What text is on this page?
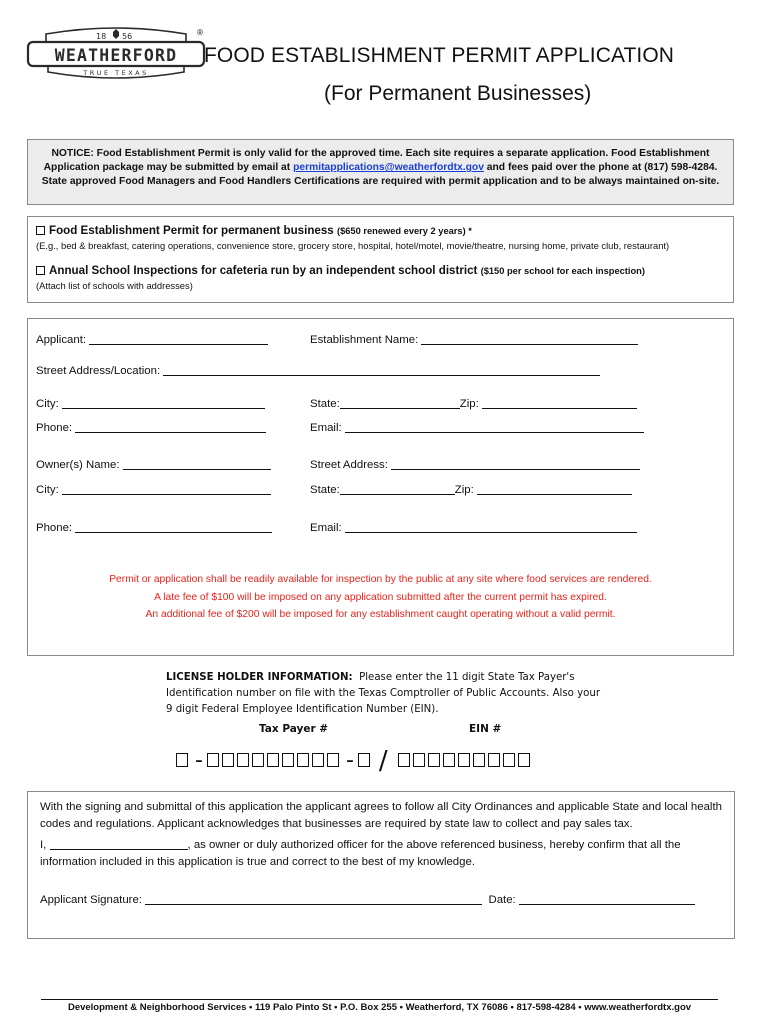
18 56
WEATHERFORD
TRUE TEXAS
®
FOOD ESTABLISHMENT PERMIT APPLICATION
(For Permanent Businesses)
NOTICE: Food Establishment Permit is only valid for the approved time. Each site requires a separate application. Food Establishment Application package may be submitted by email at permitapplications@weatherfordtx.gov and fees paid over the phone at (817) 598-4284. State approved Food Managers and Food Handlers Certifications are required with permit application and to be always maintained on-site.
Food Establishment Permit for permanent business ($650 renewed every 2 years) *
(E.g., bed & breakfast, catering operations, convenience store, grocery store, hospital, hotel/motel, movie/theatre, nursing home, private club, restaurant)
Annual School Inspections for cafeteria run by an independent school district ($150 per school for each inspection)
(Attach list of schools with addresses)
Applicant:	Establishment Name:
Street Address/Location:
City:	State:	Zip:
Phone:	Email:
Owner(s) Name:	Street Address:
City:	State:	Zip:
Phone:	Email:
Permit or application shall be readily available for inspection by the public at any site where food services are rendered.
A late fee of $100 will be imposed on any application submitted after the current permit has expired.
An additional fee of $200 will be imposed for any establishment caught operating without a valid permit.
LICENSE HOLDER INFORMATION: Please enter the 11 digit State Tax Payer's Identification number on file with the Texas Comptroller of Public Accounts. Also your 9 digit Federal Employee Identification Number (EIN).
Tax Payer #	EIN #
-	- /
With the signing and submittal of this application the applicant agrees to follow all City Ordinances and applicable State and local health codes and regulations. Applicant acknowledges that businesses are required by state law to collect and pay sales tax.
I,	, as owner or duly authorized officer for the above referenced business, hereby confirm that all the information included in this application is true and correct to the best of my knowledge.
Applicant Signature:	Date:
Development & Neighborhood Services • 119 Palo Pinto St • P.O. Box 255 • Weatherford, TX 76086 • 817-598-4284 • www.weatherfordtx.gov
